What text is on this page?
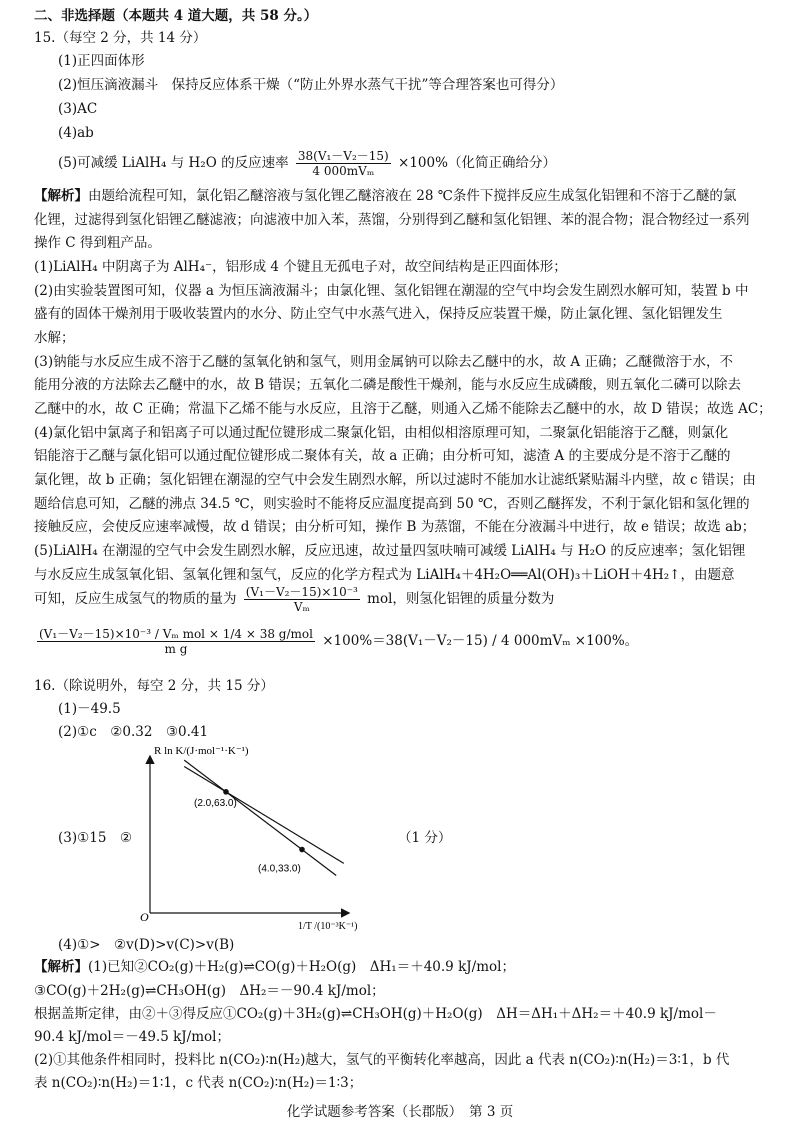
二、非选择题（本题共 4 道大题，共 58 分。）
15.（每空 2 分，共 14 分）
(1)正四面体形
(2)恒压滴液漏斗　保持反应体系干燥（“防止外界水蒸气干扰”等合理答案也可得分）
(3)AC
(4)ab
(5)可减缓 LiAlH₄ 与 H₂O 的反应速率 $\frac{\text{38(V₁－V₂－15)}}{\text{4 000mVₘ}} \times 100\%$（化简正确给分）
【解析】由题给流程可知，氯化铝乙醚溶液与氢化锂乙醚溶液在 28 ℃条件下搅拌反应生成氢化铝锂和不溶于乙醚的氯
化锂，过滤得到氢化铝锂乙醚滤液；向滤液中加入苯，蒸馏，分别得到乙醚和氢化铝锂、苯的混合物；混合物经过一系列
操作 C 得到粗产品。
(1)LiAlH₄ 中阴离子为 AlH₄⁻，铝形成 4 个键且无孤电子对，故空间结构是正四面体形；
(2)由实验装置图可知，仪器 a 为恒压滴液漏斗；由氯化锂、氢化铝锂在潮湿的空气中均会发生剧烈水解可知，装置 b 中
盛有的固体干燥剂用于吸收装置内的水分、防止空气中水蒸气进入，保持反应装置干燥，防止氯化锂、氢化铝锂发生
水解；
(3)钠能与水反应生成不溶于乙醚的氢氧化钠和氢气，则用金属钠可以除去乙醚中的水，故 A 正确；乙醚微溶于水，不
能用分液的方法除去乙醚中的水，故 B 错误；五氧化二磷是酸性干燥剂，能与水反应生成磷酸，则五氧化二磷可以除去
乙醚中的水，故 C 正确；常温下乙烯不能与水反应，且溶于乙醚，则通入乙烯不能除去乙醚中的水，故 D 错误；故选 AC；
(4)氯化铝中氯离子和铝离子可以通过配位键形成二聚氯化铝，由相似相溶原理可知，二聚氯化铝能溶于乙醚，则氯化
铝能溶于乙醚与氯化铝可以通过配位键形成二聚体有关，故 a 正确；由分析可知，滤渣 A 的主要成分是不溶于乙醚的
氯化锂，故 b 正确；氢化铝锂在潮湿的空气中会发生剧烈水解，所以过滤时不能加水让滤纸紧贴漏斗内壁，故 c 错误；由
题给信息可知，乙醚的沸点 34.5 ℃，则实验时不能将反应温度提高到 50 ℃，否则乙醚挥发，不利于氯化铝和氢化锂的
接触反应，会使反应速率减慢，故 d 错误；由分析可知，操作 B 为蒸馏，不能在分液漏斗中进行，故 e 错误；故选 ab；
(5)LiAlH₄ 在潮湿的空气中会发生剧烈水解，反应迅速，故过量四氢呋喃可减缓 LiAlH₄ 与 H₂O 的反应速率；氢化铝锂
与水反应生成氢氧化铝、氢氧化锂和氢气，反应的化学方程式为 LiAlH₄＋4H₂O══Al(OH)₃＋LiOH＋4H₂↑，由题意
可知，反应生成氢气的物质的量为 $\frac{\text{(V₁－V₂－15)×10⁻³}}{\text{Vₘ}}$ mol，则氢化铝锂的质量分数为
$\frac{\text{(V₁－V₂－15)×10⁻³ / Vₘ mol × 1/4 × 38 g/mol}}{\text{m g}} \times 100\%=38(V_1-V_2-15) / 4$ 000mVₘ ×100%。
16.（除说明外，每空 2 分，共 15 分）
(1)－49.5
(2)①c　②0.32　③0.41
(3)①15　②	（1 分）
O
R ln K/(J·mol⁻¹·K⁻¹)
1/T /(10⁻³K⁻¹)
(2.0,63.0)
(4.0,33.0)
(4)①>　②v(D)>v(C)>v(B)
【解析】(1)已知②CO₂(g)＋H₂(g)⇌CO(g)＋H₂O(g)　ΔH₁＝＋40.9 kJ/mol；
③CO(g)＋2H₂(g)⇌CH₃OH(g)　ΔH₂＝－90.4 kJ/mol；
根据盖斯定律，由②＋③得反应①CO₂(g)＋3H₂(g)⇌CH₃OH(g)＋H₂O(g)　ΔH＝ΔH₁＋ΔH₂＝＋40.9 kJ/mol－
90.4 kJ/mol＝－49.5 kJ/mol；
(2)①其他条件相同时，投料比 n(CO₂)∶n(H₂)越大，氢气的平衡转化率越高，因此 a 代表 n(CO₂)∶n(H₂)＝3∶1，b 代
表 n(CO₂)∶n(H₂)＝1∶1，c 代表 n(CO₂)∶n(H₂)＝1∶3；
化学试题参考答案（长郡版）　第 3 页
